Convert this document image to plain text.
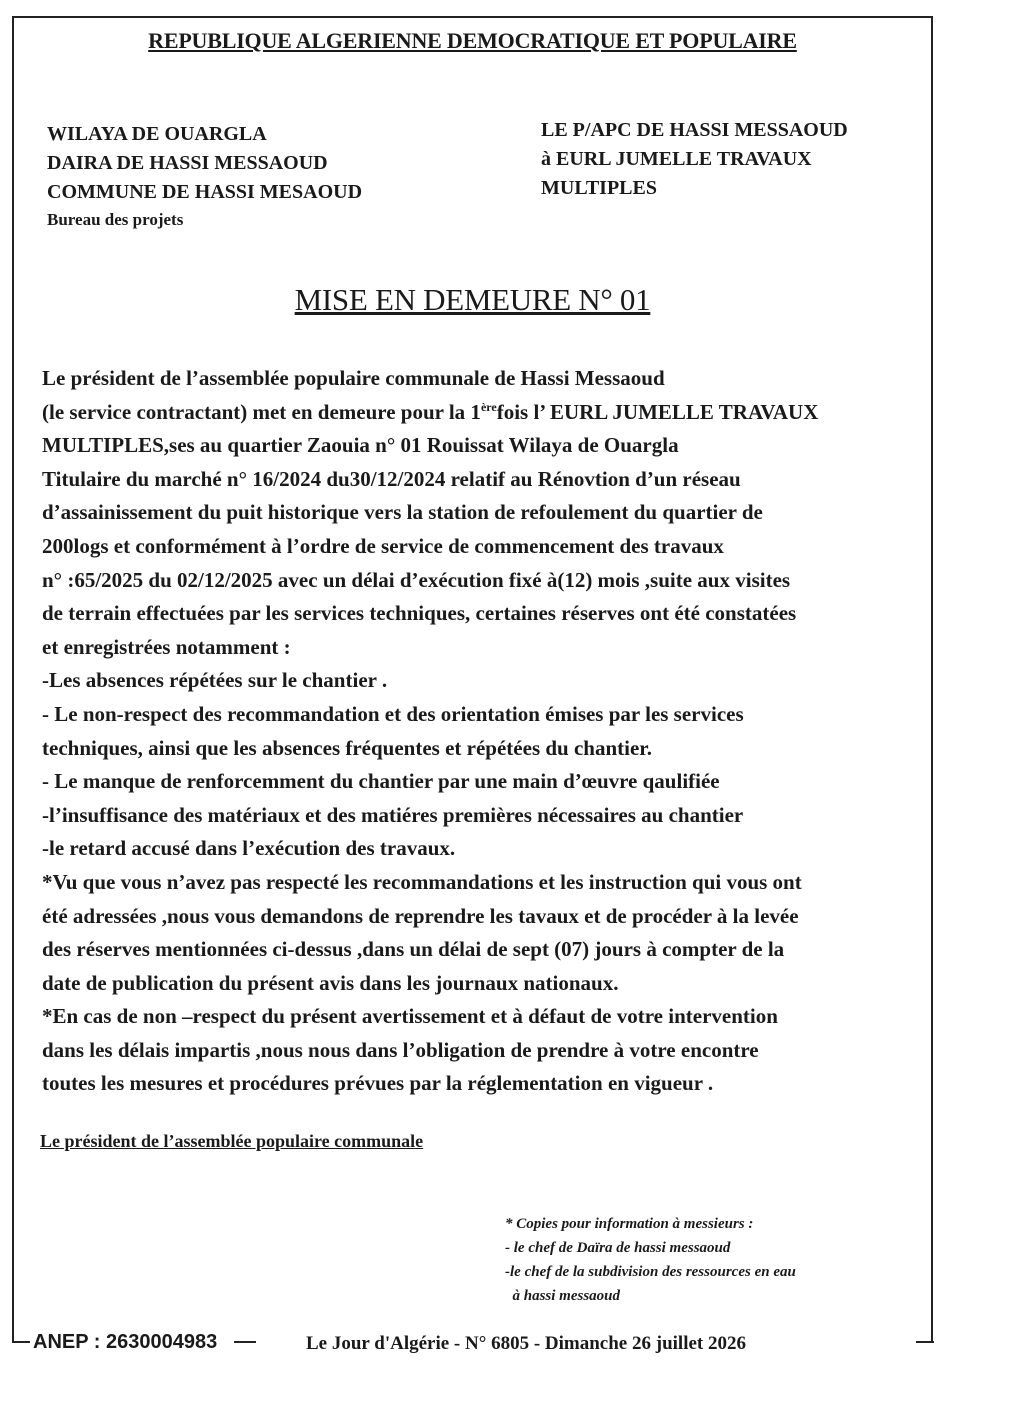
REPUBLIQUE ALGERIENNE DEMOCRATIQUE ET POPULAIRE
WILAYA DE OUARGLA
DAIRA DE HASSI MESSAOUD
COMMUNE DE HASSI MESAOUD
Bureau des projets
LE P/APC DE HASSI MESSAOUD
à EURL JUMELLE TRAVAUX
MULTIPLES
MISE EN DEMEURE N° 01
Le président de l’assemblée populaire communale de Hassi Messaoud
(le service contractant) met en demeure pour la 1èrefois l’ EURL JUMELLE TRAVAUX
MULTIPLES,ses au quartier Zaouia n° 01 Rouissat Wilaya de Ouargla
Titulaire du marché n° 16/2024 du30/12/2024 relatif au Rénovtion d’un réseau
d’assainissement du puit historique vers la station de refoulement du quartier de
200logs et conformément à l’ordre de service de commencement des travaux
n° :65/2025 du 02/12/2025 avec un délai d’exécution fixé à(12) mois ,suite aux visites
de terrain effectuées par les services techniques, certaines réserves ont été constatées
et enregistrées notamment :
-Les absences répétées sur le chantier .
- Le non-respect des recommandation et des orientation émises par les services
techniques, ainsi que les absences fréquentes et répétées du chantier.
- Le manque de renforcemment du chantier par une main d’œuvre qaulifiée
-l’insuffisance des matériaux et des matiéres premières nécessaires au chantier
-le retard accusé dans l’exécution des travaux.
*Vu que vous n’avez pas respecté les recommandations et les instruction qui vous ont
été adressées ,nous vous demandons de reprendre les tavaux et de procéder à la levée
des réserves mentionnées ci-dessus ,dans un délai de sept (07) jours à compter de la
date de publication du présent avis dans les journaux nationaux.
*En cas de non –respect du présent avertissement et à défaut de votre intervention
dans les délais impartis ,nous nous dans l’obligation de prendre à votre encontre
toutes les mesures et procédures prévues par la réglementation en vigueur .
Le président de l’assemblée populaire communale
* Copies pour information à messieurs :
- le chef de Daïra de hassi messaoud
-le chef de la subdivision des ressources en eau
à hassi messaoud
ANEP : 2630004983	Le Jour d'Algérie - N° 6805 - Dimanche 26 juillet 2026
